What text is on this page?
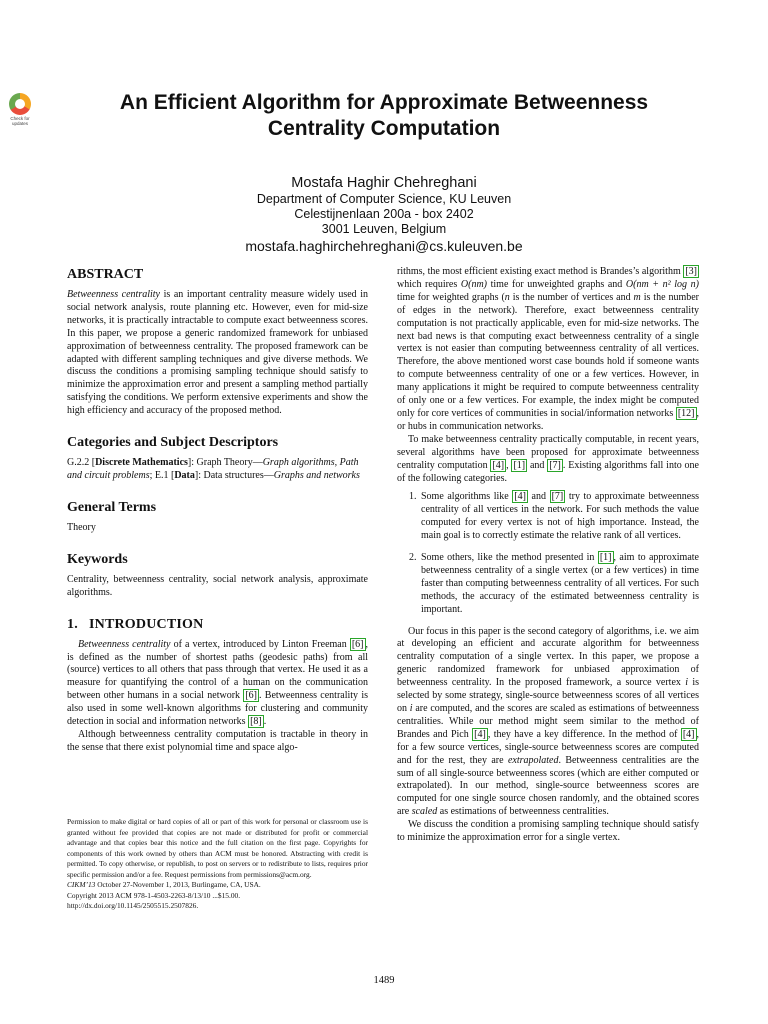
Check for
updates
An Efficient Algorithm for Approximate Betweenness
Centrality Computation
Mostafa Haghir Chehreghani
Department of Computer Science, KU Leuven
Celestijnenlaan 200a - box 2402
3001 Leuven, Belgium
mostafa.haghirchehreghani@cs.kuleuven.be
ABSTRACT

Betweenness centrality is an important centrality measure widely used in social network analysis, route planning etc. However, even for mid-size networks, it is practically intractable to compute exact betweenness scores. In this paper, we propose a generic randomized framework for unbiased approximation of betweenness centrality. The proposed framework can be adapted with different sampling techniques and give diverse methods. We discuss the conditions a promising sampling technique should satisfy to minimize the approximation error and present a sampling method partially satisfying the conditions. We perform extensive experiments and show the high efficiency and accuracy of the proposed method.

Categories and Subject Descriptors

G.2.2 [Discrete Mathematics]: Graph Theory—Graph algorithms, Path and circuit problems; E.1 [Data]: Data structures—Graphs and networks

General Terms

Theory

Keywords

Centrality, betweenness centrality, social network analysis, approximate algorithms.

1.   INTRODUCTION

Betweenness centrality of a vertex, introduced by Linton Freeman [6] , is defined as the number of shortest paths (geodesic paths) from all (source) vertices to all others that pass through that vertex. He used it as a measure for quantifying the control of a human on the communication between other humans in a social network [6] . Betweenness centrality is also used in some well-known algorithms for clustering and community detection in social and information networks [8] .

Although betweenness centrality computation is tractable in theory in the sense that there exist polynomial time and space algo-

Permission to make digital or hard copies of all or part of this work for personal or classroom use is granted without fee provided that copies are not made or distributed for profit or commercial advantage and that copies bear this notice and the full citation on the first page. Copyrights for components of this work owned by others than ACM must be honored. Abstracting with credit is permitted. To copy otherwise, or republish, to post on servers or to redistribute to lists, requires prior specific permission and/or a fee. Request permissions from permissions@acm.org.

CIKM’13 October 27-November 1, 2013, Burlingame, CA, USA.

Copyright 2013 ACM 978-1-4503-2263-8/13/10 ...$15.00.

http://dx.doi.org/10.1145/2505515.2507826.

rithms, the most efficient existing exact method is Brandes’s algorithm [3] which requires O(nm) time for unweighted graphs and O(nm + n² log n) time for weighted graphs (n is the number of vertices and m is the number of edges in the network). Therefore, exact betweenness centrality computation is not practically applicable, even for mid-size networks. The next bad news is that computing exact betweenness centrality of a single vertex is not easier than computing betweenness centrality of all vertices. Therefore, the above mentioned worst case bounds hold if someone wants to compute betweenness centrality of one or a few vertices. However, in many applications it might be required to compute betweenness centrality of only one or a few vertices. For example, the index might be computed only for core vertices of communities in social/information networks [12] , or hubs in communication networks.

To make betweenness centrality practically computable, in recent years, several algorithms have been proposed for approximate betweenness centrality computation [4] , [1] and [7] . Existing algorithms fall into one of the following categories.

1. Some algorithms like [4] and [7] try to approximate betweenness centrality of all vertices in the network. For such methods the value computed for every vertex is not of high importance. Instead, the main goal is to correctly estimate the relative rank of all vertices.
2. Some others, like the method presented in [1] , aim to approximate betweenness centrality of a single vertex (or a few vertices) in time faster than computing betweenness centrality of all vertices. For such methods, the accuracy of the estimated betweenness centrality is important.

Our focus in this paper is the second category of algorithms, i.e. we aim at developing an efficient and accurate algorithm for betweenness centrality computation of a single vertex. In this paper, we propose a generic randomized framework for unbiased approximation of betweenness centrality. In the proposed framework, a source vertex i is selected by some strategy, single-source betweenness scores of all vertices on i are computed, and the scores are scaled as estimations of betweenness centralities. While our method might seem similar to the method of Brandes and Pich [4] , they have a key difference. In the method of [4] , for a few source vertices, single-source betweenness scores are computed and for the rest, they are extrapolated. Betweenness centralities are the sum of all single-source betweenness scores (which are either computed or extrapolated). In our method, single-source betweenness scores are computed for one single source chosen randomly, and the obtained scores are scaled as estimations of betweenness centralities.

We discuss the condition a promising sampling technique should satisfy to minimize the approximation error for a single vertex.

1489
